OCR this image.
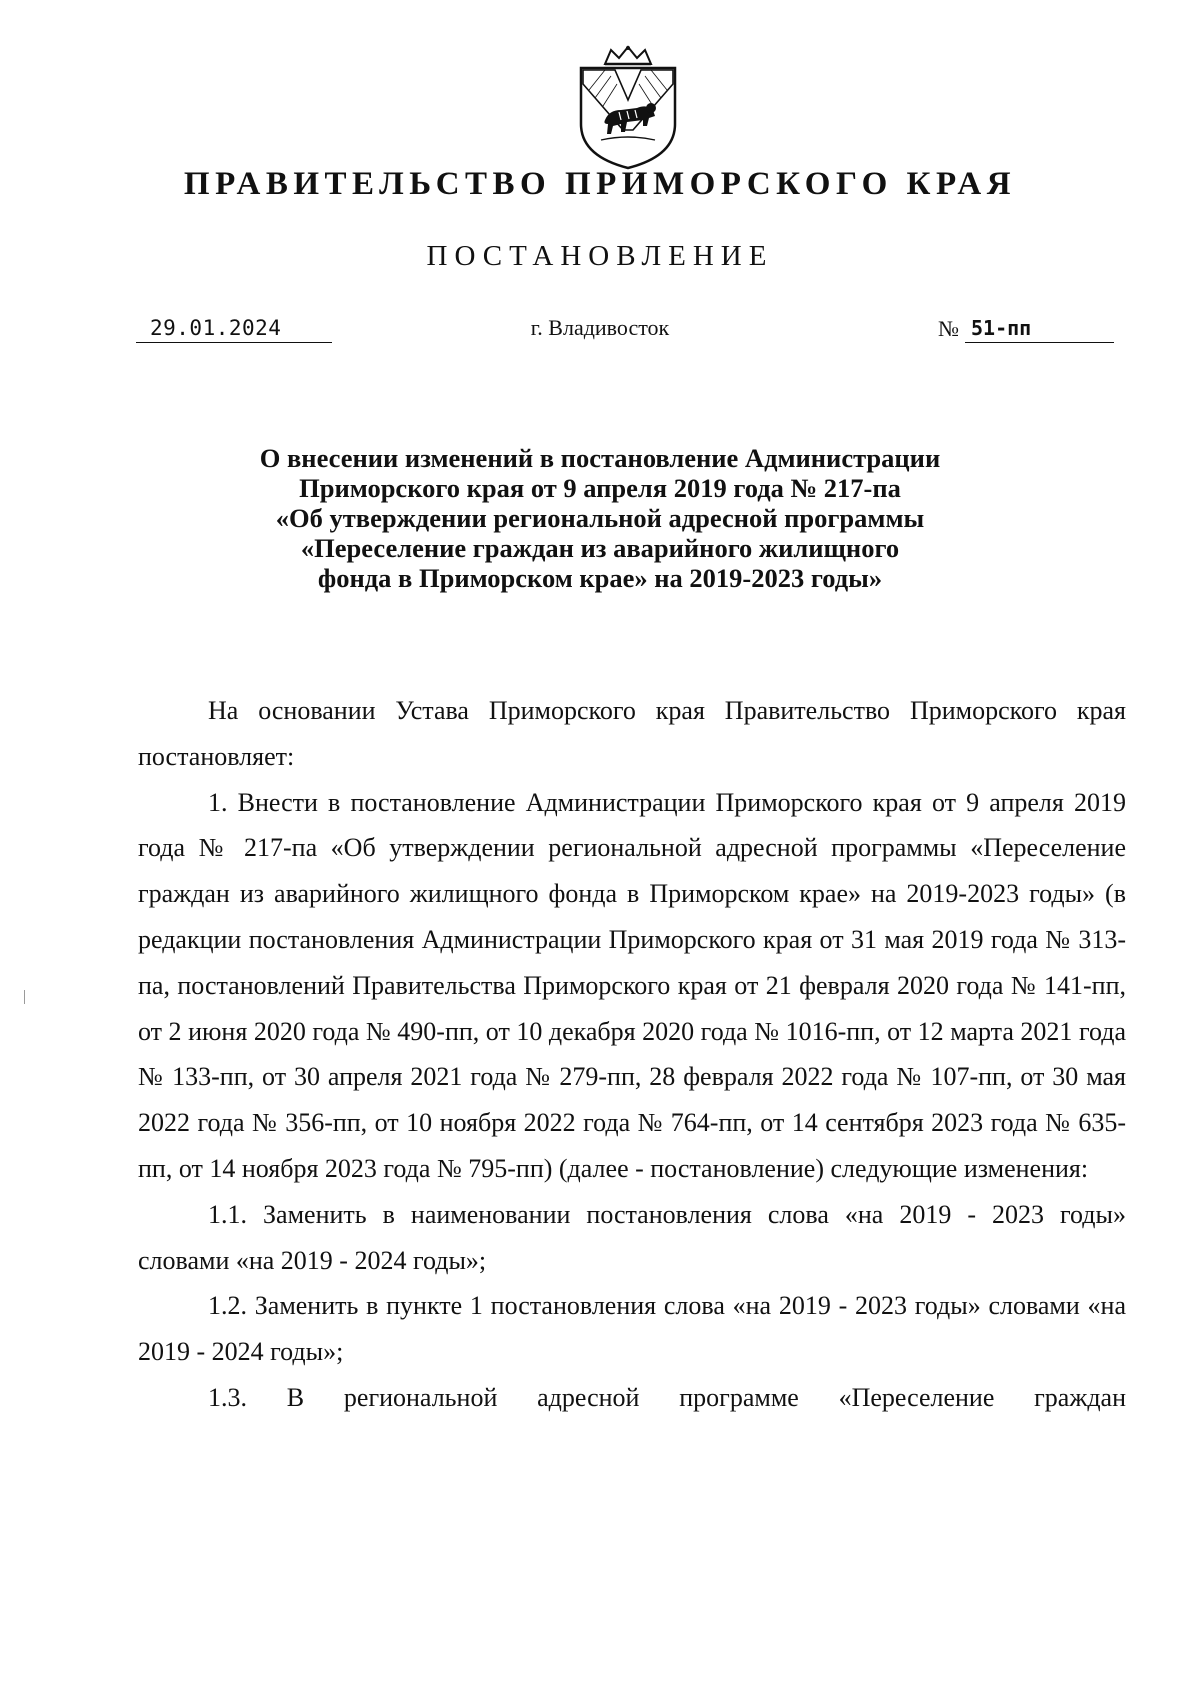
ПРАВИТЕЛЬСТВО ПРИМОРСКОГО КРАЯ
ПОСТАНОВЛЕНИЕ
29.01.2024	г. Владивосток	№ 51-пп
О внесении изменений в постановление Администрации
Приморского края от 9 апреля 2019 года № 217-па
«Об утверждении региональной адресной программы
«Переселение граждан из аварийного жилищного
фонда в Приморском крае» на 2019-2023 годы»

На основании Устава Приморского края Правительство Приморского края постановляет:

1. Внести в постановление Администрации Приморского края от 9 апреля 2019 года № 217-па «Об утверждении региональной адресной программы «Переселение граждан из аварийного жилищного фонда в Приморском крае» на 2019-2023 годы» (в редакции постановления Администрации Приморского края от 31 мая 2019 года № 313-па, постановлений Правительства Приморского края от 21 февраля 2020 года № 141-пп, от 2 июня 2020 года № 490-пп, от 10 декабря 2020 года № 1016-пп, от 12 марта 2021 года № 133-пп, от 30 апреля 2021 года № 279-пп, 28 февраля 2022 года № 107-пп, от 30 мая 2022 года № 356-пп, от 10 ноября 2022 года № 764-пп, от 14 сентября 2023 года № 635-пп, от 14 ноября 2023 года № 795-пп) (далее - постановление) следующие изменения:

1.1. Заменить в наименовании постановления слова «на 2019 - 2023 годы» словами «на 2019 - 2024 годы»;

1.2. Заменить в пункте 1 постановления слова «на 2019 - 2023 годы» словами «на 2019 - 2024 годы»;

1.3. В региональной адресной программе «Переселение граждан
